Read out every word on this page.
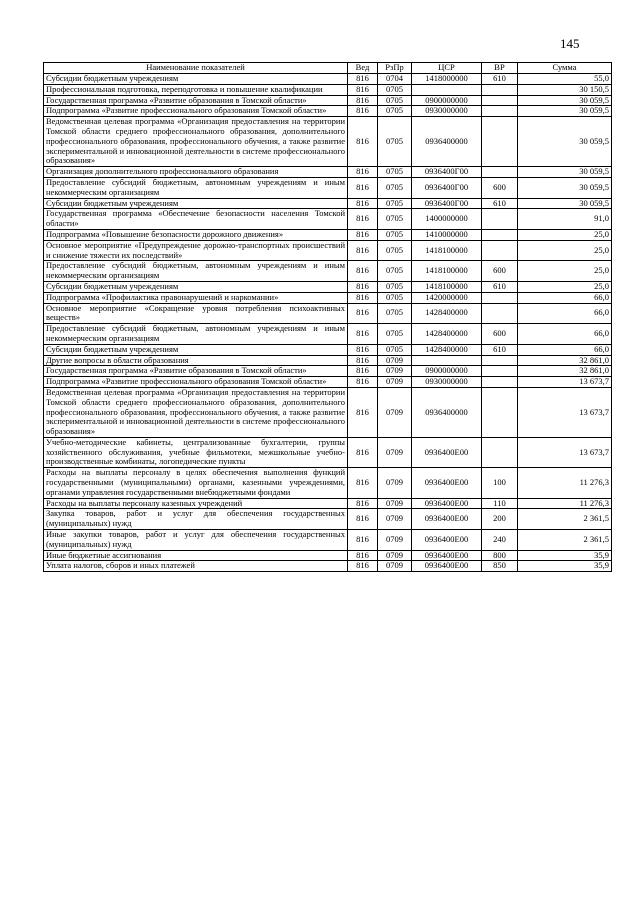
145
Наименование показателей	Вед	РзПр	ЦСР	ВР	Сумма
Субсидии бюджетным учреждениям	816	0704	1418000000	610	55,0
Профессиональная подготовка, переподготовка и повышение квалификации	816	0705			30 150,5
Государственная программа «Развитие образования в Томской области»	816	0705	0900000000		30 059,5
Подпрограмма «Развитие профессионального образования Томской области»	816	0705	0930000000		30 059,5
Ведомственная целевая программа «Организация предоставления на территории Томской области среднего профессионального образования, дополнительного профессионального образования, профессионального обучения, а также развитие экспериментальной и инновационной деятельности в системе профессионального образования»	816	0705	0936400000		30 059,5
Организация дополнительного профессионального образования	816	0705	0936400Г00		30 059,5
Предоставление субсидий бюджетным, автономным учреждениям и иным некоммерческим организациям	816	0705	0936400Г00	600	30 059,5
Субсидии бюджетным учреждениям	816	0705	0936400Г00	610	30 059,5
Государственная программа «Обеспечение безопасности населения Томской области»	816	0705	1400000000		91,0
Подпрограмма «Повышение безопасности дорожного движения»	816	0705	1410000000		25,0
Основное мероприятие «Предупреждение дорожно-транспортных происшествий и снижение тяжести их последствий»	816	0705	1418100000		25,0
Предоставление субсидий бюджетным, автономным учреждениям и иным некоммерческим организациям	816	0705	1418100000	600	25,0
Субсидии бюджетным учреждениям	816	0705	1418100000	610	25,0
Подпрограмма «Профилактика правонарушений и наркомании»	816	0705	1420000000		66,0
Основное мероприятие «Сокращение уровня потребления психоактивных веществ»	816	0705	1428400000		66,0
Предоставление субсидий бюджетным, автономным учреждениям и иным некоммерческим организациям	816	0705	1428400000	600	66,0
Субсидии бюджетным учреждениям	816	0705	1428400000	610	66,0
Другие вопросы в области образования	816	0709			32 861,0
Государственная программа «Развитие образования в Томской области»	816	0709	0900000000		32 861,0
Подпрограмма «Развитие профессионального образования Томской области»	816	0709	0930000000		13 673,7
Ведомственная целевая программа «Организация предоставления на территории Томской области среднего профессионального образования, дополнительного профессионального образования, профессионального обучения, а также развитие экспериментальной и инновационной деятельности в системе профессионального образования»	816	0709	0936400000		13 673,7
Учебно-методические кабинеты, централизованные бухгалтерии, группы хозяйственного обслуживания, учебные фильмотеки, межшкольные учебно-производственные комбинаты, логопедические пункты	816	0709	0936400Е00		13 673,7
Расходы на выплаты персоналу в целях обеспечения выполнения функций государственными (муниципальными) органами, казенными учреждениями, органами управления государственными внебюджетными фондами	816	0709	0936400Е00	100	11 276,3
Расходы на выплаты персоналу казенных учреждений	816	0709	0936400Е00	110	11 276,3
Закупка товаров, работ и услуг для обеспечения государственных (муниципальных) нужд	816	0709	0936400Е00	200	2 361,5
Иные закупки товаров, работ и услуг для обеспечения государственных (муниципальных) нужд	816	0709	0936400Е00	240	2 361,5
Иные бюджетные ассигнования	816	0709	0936400Е00	800	35,9
Уплата налогов, сборов и иных платежей	816	0709	0936400Е00	850	35,9
